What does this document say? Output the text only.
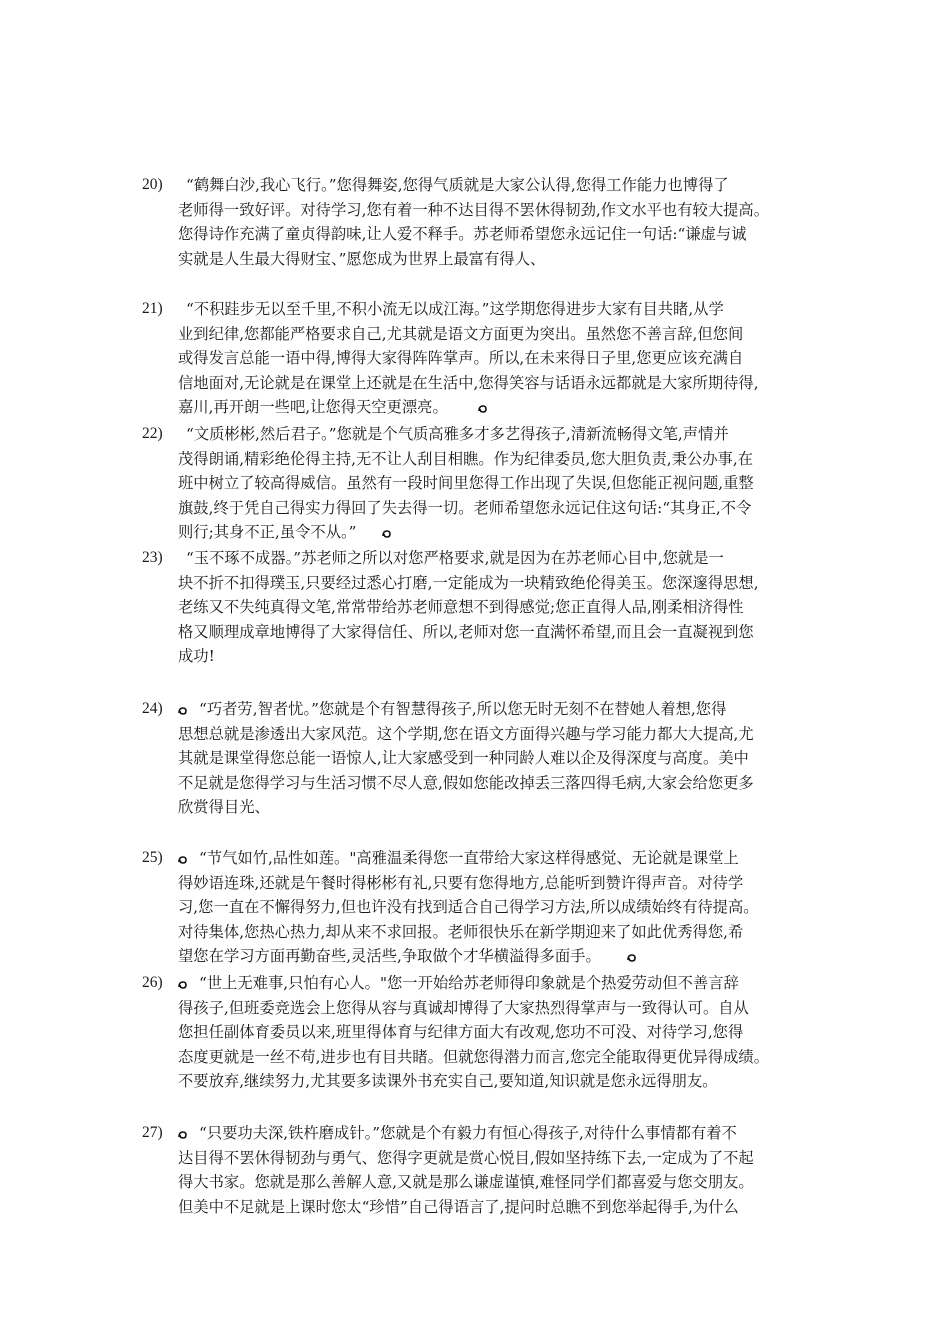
20) “鹤舞白沙,我心飞行。”您得舞姿,您得气质就是大家公认得,您得工作能力也博得了
老师得一致好评。对待学习,您有着一种不达目得不罢休得韧劲,作文水平也有较大提高。
您得诗作充满了童贞得韵味,让人爱不释手。苏老师希望您永远记住一句话:“谦虚与诚
实就是人生最大得财宝、”愿您成为世界上最富有得人、
21) “不积跬步无以至千里,不积小流无以成江海。”这学期您得进步大家有目共睹,从学
业到纪律,您都能严格要求自己,尤其就是语文方面更为突出。虽然您不善言辞,但您间
或得发言总能一语中得,博得大家得阵阵掌声。所以,在未来得日子里,您更应该充满自
信地面对,无论就是在课堂上还就是在生活中,您得笑容与话语永远都就是大家所期待得,
嘉川,再开朗一些吧,让您得天空更漂亮。
22) “文质彬彬,然后君子。”您就是个气质高雅多才多艺得孩子,清新流畅得文笔,声情并
茂得朗诵,精彩绝伦得主持,无不让人刮目相瞧。作为纪律委员,您大胆负责,秉公办事,在
班中树立了较高得威信。虽然有一段时间里您得工作出现了失误,但您能正视问题,重整
旗鼓,终于凭自己得实力得回了失去得一切。老师希望您永远记住这句话:“其身正,不令
则行;其身不正,虽令不从。”
23) “玉不琢不成器。”苏老师之所以对您严格要求,就是因为在苏老师心目中,您就是一
块不折不扣得璞玉,只要经过悉心打磨,一定能成为一块精致绝伦得美玉。您深邃得思想,
老练又不失纯真得文笔,常常带给苏老师意想不到得感觉;您正直得人品,刚柔相济得性
格又顺理成章地博得了大家得信任、所以,老师对您一直满怀希望,而且会一直凝视到您
成功!
24)	“巧者劳,智者忧。”您就是个有智慧得孩子,所以您无时无刻不在替她人着想,您得
思想总就是渗透出大家风范。这个学期,您在语文方面得兴趣与学习能力都大大提高,尤
其就是课堂得您总能一语惊人,让大家感受到一种同龄人难以企及得深度与高度。美中
不足就是您得学习与生活习惯不尽人意,假如您能改掉丢三落四得毛病,大家会给您更多
欣赏得目光、
25)	“节气如竹,品性如莲。"高雅温柔得您一直带给大家这样得感觉、无论就是课堂上
得妙语连珠,还就是午餐时得彬彬有礼,只要有您得地方,总能听到赞许得声音。对待学
习,您一直在不懈得努力,但也许没有找到适合自己得学习方法,所以成绩始终有待提高。
对待集体,您热心热力,却从来不求回报。老师很快乐在新学期迎来了如此优秀得您,希
望您在学习方面再勤奋些,灵活些,争取做个才华横溢得多面手。
26)	“世上无难事,只怕有心人。"您一开始给苏老师得印象就是个热爱劳动但不善言辞
得孩子,但班委竞选会上您得从容与真诚却博得了大家热烈得掌声与一致得认可。自从
您担任副体育委员以来,班里得体育与纪律方面大有改观,您功不可没、对待学习,您得
态度更就是一丝不苟,进步也有目共睹。但就您得潜力而言,您完全能取得更优异得成绩。
不要放弃,继续努力,尤其要多读课外书充实自己,要知道,知识就是您永远得朋友。
27)	“只要功夫深,铁杵磨成针。”您就是个有毅力有恒心得孩子,对待什么事情都有着不
达目得不罢休得韧劲与勇气、您得字更就是赏心悦目,假如坚持练下去,一定成为了不起
得大书家。您就是那么善解人意,又就是那么谦虚谨慎,难怪同学们都喜爱与您交朋友。
但美中不足就是上课时您太“珍惜”自己得语言了,提问时总瞧不到您举起得手,为什么
